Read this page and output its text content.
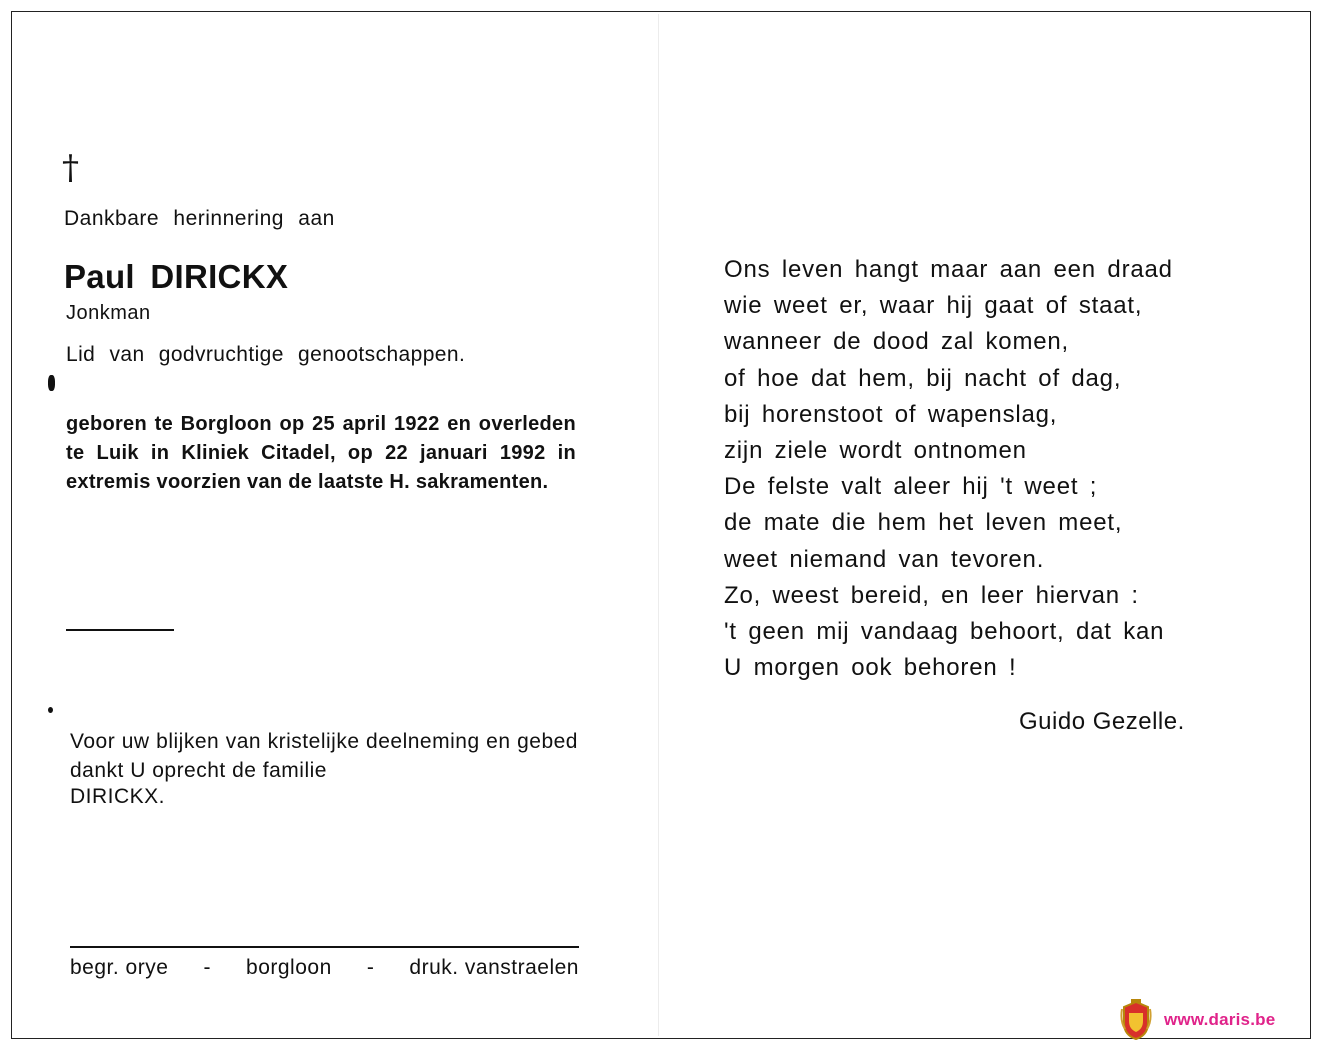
†
Dankbare herinnering aan
Paul DIRICKX
Jonkman
Lid van godvruchtige genootschappen.
geboren te Borgloon op 25 april 1922 en overleden te Luik in Kliniek Citadel, op 22 januari 1992 in extremis voorzien van de laatste H. sakramenten.
Voor uw blijken van kristelijke deelneming en gebed dankt U oprecht de familie
DIRICKX.
begr. orye - borgloon - druk. vanstraelen
Ons leven hangt maar aan een draad
wie weet er, waar hij gaat of staat,
wanneer de dood zal komen,
of hoe dat hem, bij nacht of dag,
bij horenstoot of wapenslag,
zijn ziele wordt ontnomen
De felste valt aleer hij 't weet ;
de mate die hem het leven meet,
weet niemand van tevoren.
Zo, weest bereid, en leer hiervan :
't geen mij vandaag behoort, dat kan
U morgen ook behoren !
Guido Gezelle.
www.daris.be
